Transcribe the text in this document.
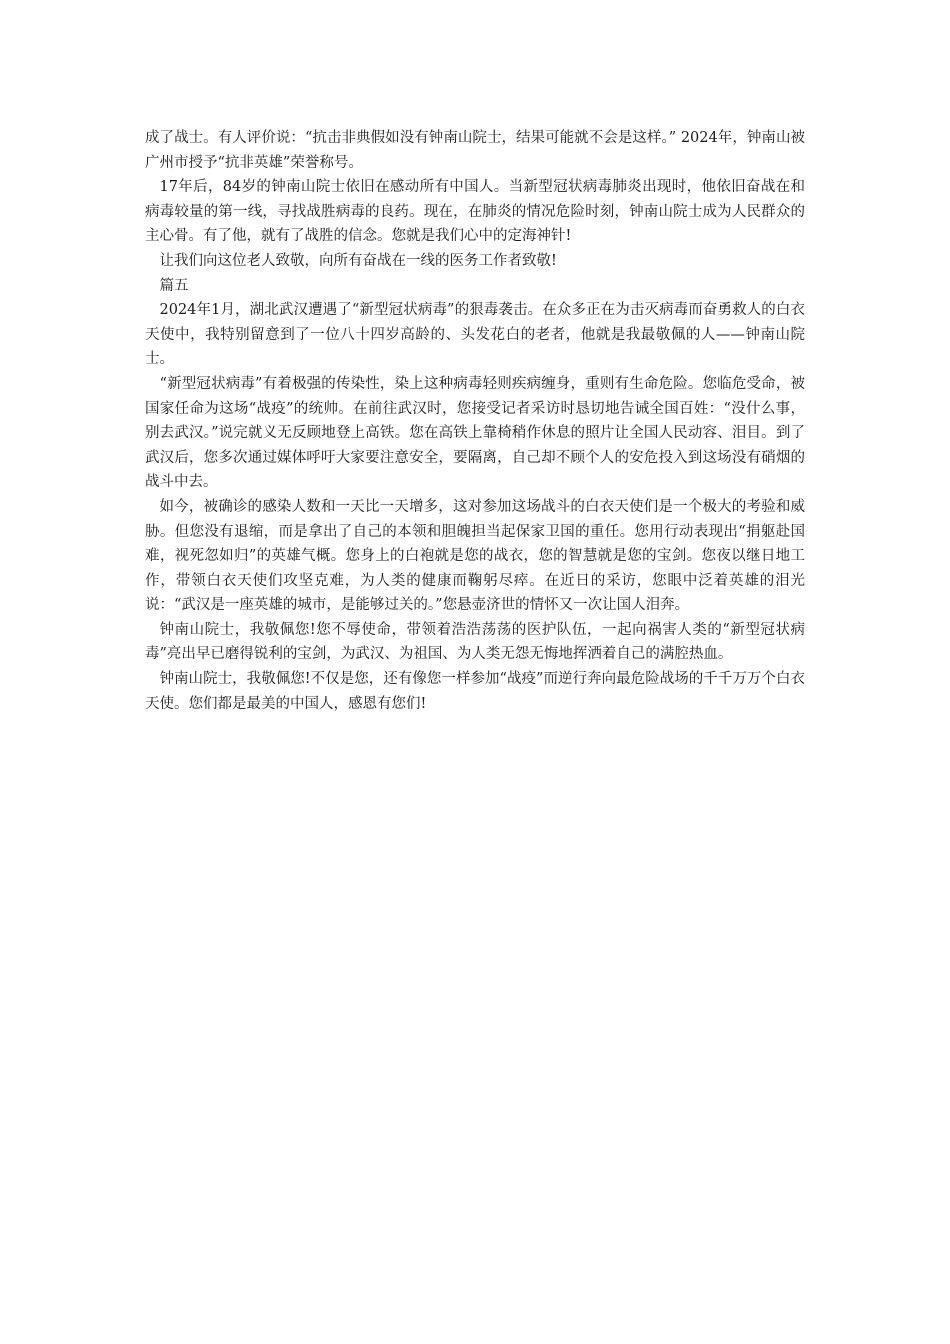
成了战士。有人评价说：“抗击非典假如没有钟南山院士，结果可能就不会是这样。” 2024年，钟南山被广州市授予“抗非英雄”荣誉称号。

17年后，84岁的钟南山院士依旧在感动所有中国人。当新型冠状病毒肺炎出现时，他依旧奋战在和病毒较量的第一线，寻找战胜病毒的良药。现在，在肺炎的情况危险时刻，钟南山院士成为人民群众的主心骨。有了他，就有了战胜的信念。您就是我们心中的定海神针!

让我们向这位老人致敬，向所有奋战在一线的医务工作者致敬!

篇五

2024年1月，湖北武汉遭遇了“新型冠状病毒”的狠毒袭击。在众多正在为击灭病毒而奋勇救人的白衣天使中，我特别留意到了一位八十四岁高龄的、头发花白的老者，他就是我最敬佩的人——钟南山院士。

“新型冠状病毒”有着极强的传染性，染上这种病毒轻则疾病缠身，重则有生命危险。您临危受命，被国家任命为这场“战疫”的统帅。在前往武汉时，您接受记者采访时恳切地告诫全国百姓：“没什么事，别去武汉。”说完就义无反顾地登上高铁。您在高铁上靠椅稍作休息的照片让全国人民动容、泪目。到了武汉后，您多次通过媒体呼吁大家要注意安全，要隔离，自己却不顾个人的安危投入到这场没有硝烟的战斗中去。

如今，被确诊的感染人数和一天比一天增多，这对参加这场战斗的白衣天使们是一个极大的考验和威胁。但您没有退缩，而是拿出了自己的本领和胆魄担当起保家卫国的重任。您用行动表现出“捐躯赴国难，视死忽如归”的英雄气概。您身上的白袍就是您的战衣，您的智慧就是您的宝剑。您夜以继日地工作，带领白衣天使们攻坚克难，为人类的健康而鞠躬尽瘁。在近日的采访，您眼中泛着英雄的泪光说：“武汉是一座英雄的城市，是能够过关的。”您悬壶济世的情怀又一次让国人泪奔。

钟南山院士，我敬佩您!您不辱使命，带领着浩浩荡荡的医护队伍，一起向祸害人类的“新型冠状病毒”亮出早已磨得锐利的宝剑，为武汉、为祖国、为人类无怨无悔地挥洒着自己的满腔热血。

钟南山院士，我敬佩您!不仅是您，还有像您一样参加“战疫”而逆行奔向最危险战场的千千万万个白衣天使。您们都是最美的中国人，感恩有您们!
